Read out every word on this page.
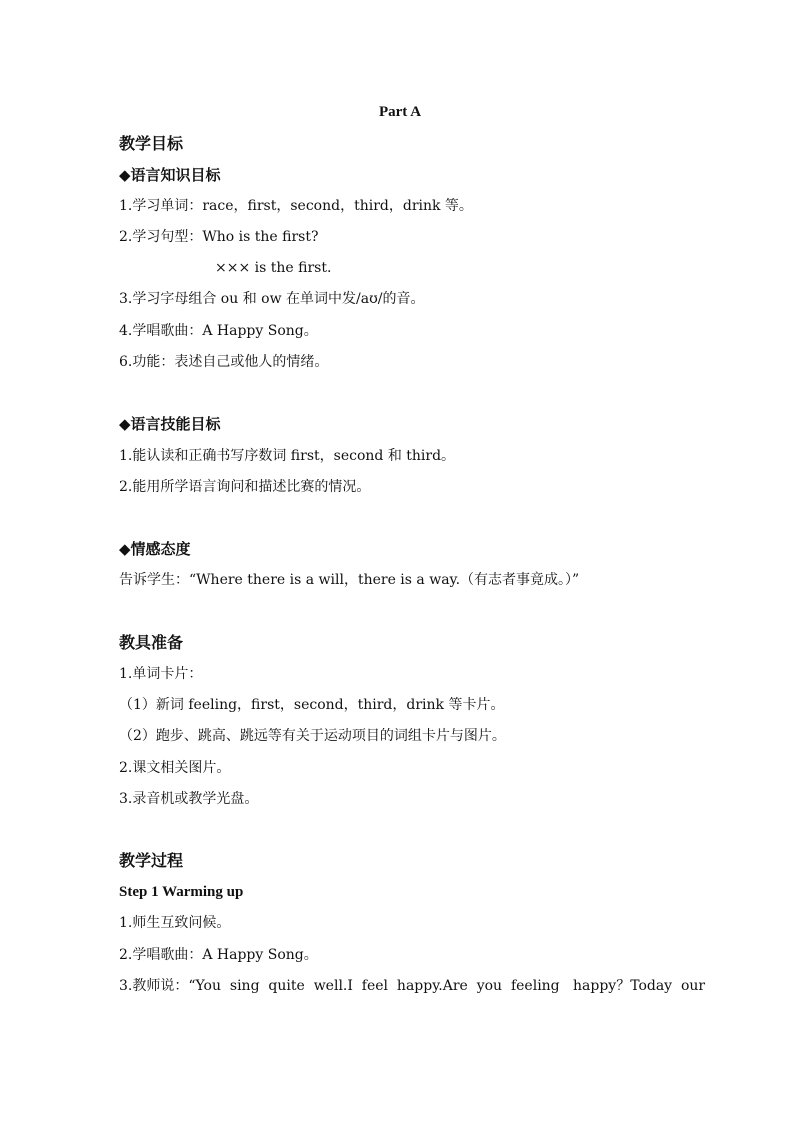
Part A
教学目标
◆语言知识目标
1.学习单词：race，first，second，third，drink 等。
2.学习句型：Who is the first?
××× is the first.
3.学习字母组合 ou 和 ow 在单词中发/aʊ/的音。
4.学唱歌曲：A Happy Song。
6.功能：表述自己或他人的情绪。
◆语言技能目标
1.能认读和正确书写序数词 first，second 和 third。
2.能用所学语言询问和描述比赛的情况。
◆情感态度
告诉学生：“Where there is a will，there is a way.（有志者事竟成。）”
教具准备
1.单词卡片：
（1）新词 feeling，first，second，third，drink 等卡片。
（2）跑步、跳高、跳远等有关于运动项目的词组卡片与图片。
2.课文相关图片。
3.录音机或教学光盘。
教学过程
Step 1 Warming up
1.师生互致问候。
2.学唱歌曲：A Happy Song。
3.教师说：“You  sing  quite  well.I  feel  happy.Are  you  feeling   happy？Today  our
